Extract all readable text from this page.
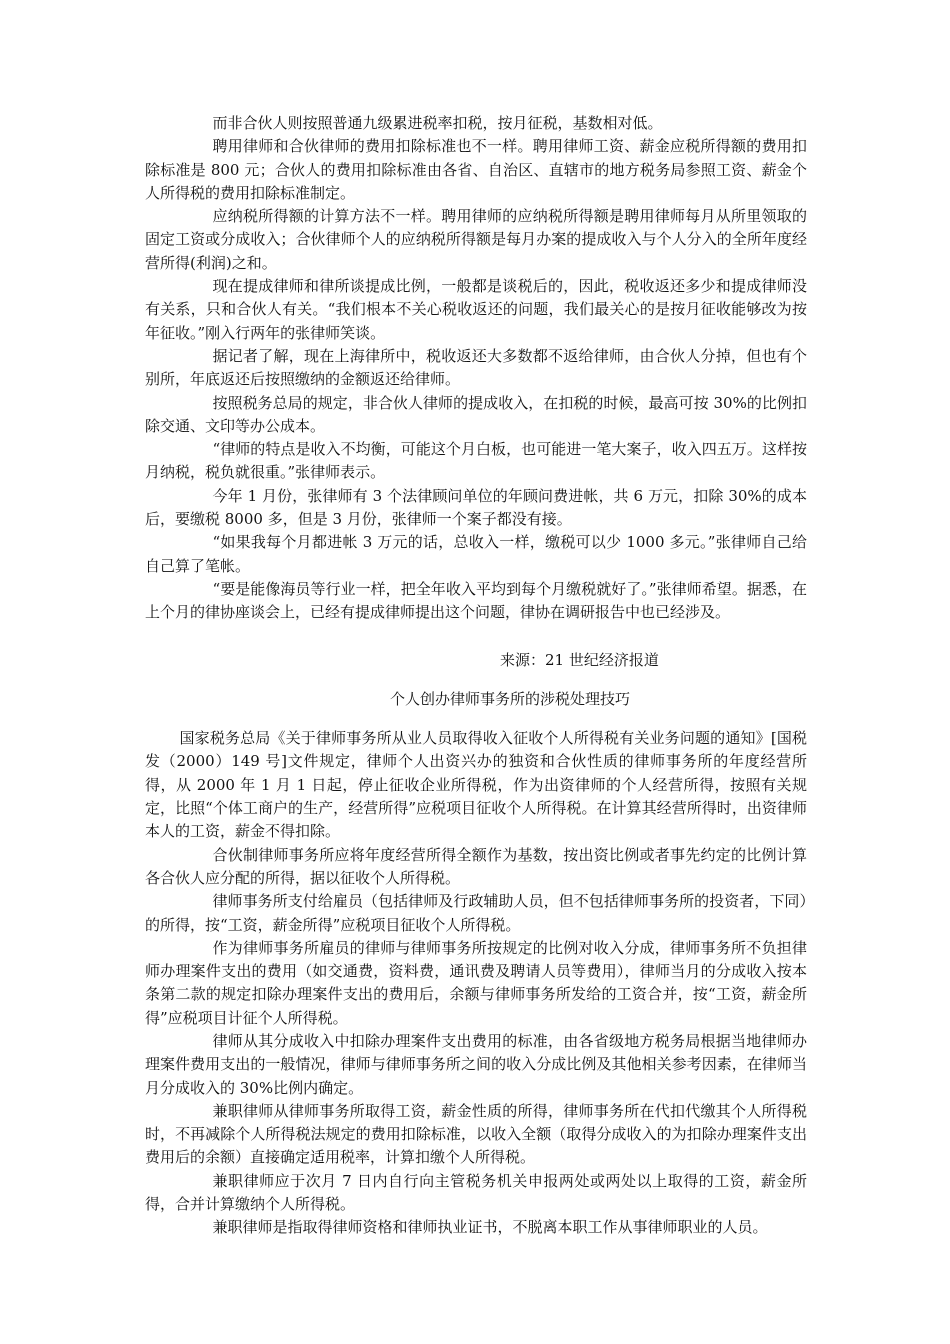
而非合伙人则按照普通九级累进税率扣税，按月征税，基数相对低。

聘用律师和合伙律师的费用扣除标准也不一样。聘用律师工资、薪金应税所得额的费用扣除标准是 800 元；合伙人的费用扣除标准由各省、自治区、直辖市的地方税务局参照工资、薪金个人所得税的费用扣除标准制定。

应纳税所得额的计算方法不一样。聘用律师的应纳税所得额是聘用律师每月从所里领取的固定工资或分成收入；合伙律师个人的应纳税所得额是每月办案的提成收入与个人分入的全所年度经营所得(利润)之和。

现在提成律师和律所谈提成比例，一般都是谈税后的，因此，税收返还多少和提成律师没有关系，只和合伙人有关。“我们根本不关心税收返还的问题，我们最关心的是按月征收能够改为按年征收。”刚入行两年的张律师笑谈。

据记者了解，现在上海律所中，税收返还大多数都不返给律师，由合伙人分掉，但也有个别所，年底返还后按照缴纳的金额返还给律师。

按照税务总局的规定，非合伙人律师的提成收入，在扣税的时候，最高可按 30%的比例扣除交通、文印等办公成本。

“律师的特点是收入不均衡，可能这个月白板，也可能进一笔大案子，收入四五万。这样按月纳税，税负就很重。”张律师表示。

今年 1 月份，张律师有 3 个法律顾问单位的年顾问费进帐，共 6 万元，扣除 30%的成本后，要缴税 8000 多，但是 3 月份，张律师一个案子都没有接。

“如果我每个月都进帐 3 万元的话，总收入一样，缴税可以少 1000 多元。”张律师自己给自己算了笔帐。

“要是能像海员等行业一样，把全年收入平均到每个月缴税就好了。”张律师希望。据悉，在上个月的律协座谈会上，已经有提成律师提出这个问题，律协在调研报告中也已经涉及。

来源：21 世纪经济报道
个人创办律师事务所的涉税处理技巧

国家税务总局《关于律师事务所从业人员取得收入征收个人所得税有关业务问题的通知》[国税发（2000）149 号]文件规定，律师个人出资兴办的独资和合伙性质的律师事务所的年度经营所得，从 2000 年 1 月 1 日起，停止征收企业所得税，作为出资律师的个人经营所得，按照有关规定，比照“个体工商户的生产，经营所得”应税项目征收个人所得税。在计算其经营所得时，出资律师本人的工资，薪金不得扣除。

合伙制律师事务所应将年度经营所得全额作为基数，按出资比例或者事先约定的比例计算各合伙人应分配的所得，据以征收个人所得税。

律师事务所支付给雇员（包括律师及行政辅助人员，但不包括律师事务所的投资者，下同）的所得，按“工资，薪金所得”应税项目征收个人所得税。

作为律师事务所雇员的律师与律师事务所按规定的比例对收入分成，律师事务所不负担律师办理案件支出的费用（如交通费，资料费，通讯费及聘请人员等费用），律师当月的分成收入按本条第二款的规定扣除办理案件支出的费用后，余额与律师事务所发给的工资合并，按“工资，薪金所得”应税项目计征个人所得税。

律师从其分成收入中扣除办理案件支出费用的标准，由各省级地方税务局根据当地律师办理案件费用支出的一般情况，律师与律师事务所之间的收入分成比例及其他相关参考因素，在律师当月分成收入的 30%比例内确定。

兼职律师从律师事务所取得工资，薪金性质的所得，律师事务所在代扣代缴其个人所得税时，不再减除个人所得税法规定的费用扣除标准，以收入全额（取得分成收入的为扣除办理案件支出费用后的余额）直接确定适用税率，计算扣缴个人所得税。

兼职律师应于次月 7 日内自行向主管税务机关申报两处或两处以上取得的工资，薪金所得，合并计算缴纳个人所得税。

兼职律师是指取得律师资格和律师执业证书，不脱离本职工作从事律师职业的人员。
